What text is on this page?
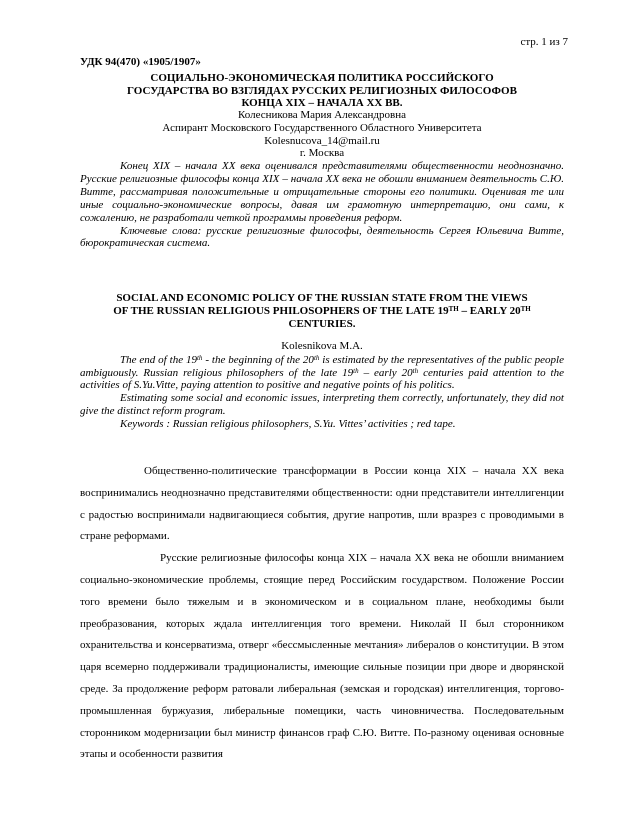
стр. 1 из 7
УДК 94(470) «1905/1907»
СОЦИАЛЬНО-ЭКОНОМИЧЕСКАЯ ПОЛИТИКА РОССИЙСКОГО
ГОСУДАРСТВА ВО ВЗГЛЯДАХ РУССКИХ РЕЛИГИОЗНЫХ ФИЛОСОФОВ
КОНЦА XIX – НАЧАЛА XX ВВ.
Колесникова Мария Александровна
Аспирант Московского Государственного Областного Университета
Kolesnucova_14@mail.ru
г. Москва

Конец XIX – начала XX века оценивался представителями общественности неоднозначно. Русские религиозные философы конца XIX – начала XX века не обошли вниманием деятельность С.Ю. Витте, рассматривая положительные и отрицательные стороны его политики. Оценивая те или иные социально-экономические вопросы, давая им грамотную интерпретацию, они сами, к сожалению, не разработали четкой программы проведения реформ.

Ключевые слова: русские религиозные философы, деятельность Сергея Юльевича Витте, бюрократическая система.

SOCIAL AND ECONOMIC POLICY OF THE RUSSIAN STATE FROM THE VIEWS
OF THE RUSSIAN RELIGIOUS PHILOSOPHERS OF THE LATE 19TH – EARLY 20TH
CENTURIES.
Kolesnikova M.A.

The end of the 19th - the beginning of the 20th is estimated by the representatives of the public people ambiguously. Russian religious philosophers of the late 19th – early 20th centuries paid attention to the activities of S.Yu.Vitte, paying attention to positive and negative points of his politics.

Estimating some social and economic issues, interpreting them correctly, unfortunately, they did not give the distinct reform program.

Keywords : Russian religious philosophers, S.Yu. Vittes’ activities ; red tape.

Общественно-политические трансформации в России конца XIX – начала XX века воспринимались неоднозначно представителями общественности: одни представители интеллигенции с радостью воспринимали надвигающиеся события, другие напротив, шли вразрез с проводимыми в стране реформами.

Русские религиозные философы конца XIX – начала XX века не обошли вниманием социально-экономические проблемы, стоящие перед Российским государством. Положение России того времени было тяжелым и в экономическом и в социальном плане, необходимы были преобразования, которых ждала интеллигенция того времени. Николай II был сторонником охранительства и консерватизма, отверг «бессмысленные мечтания» либералов о конституции. В этом царя всемерно поддерживали традиционалисты, имеющие сильные позиции при дворе и дворянской среде. За продолжение реформ ратовали либеральная (земская и городская) интеллигенция, торгово-промышленная буржуазия, либеральные помещики, часть чиновничества. Последовательным сторонником модернизации был министр финансов граф С.Ю. Витте. По-разному оценивая основные этапы и особенности развития
